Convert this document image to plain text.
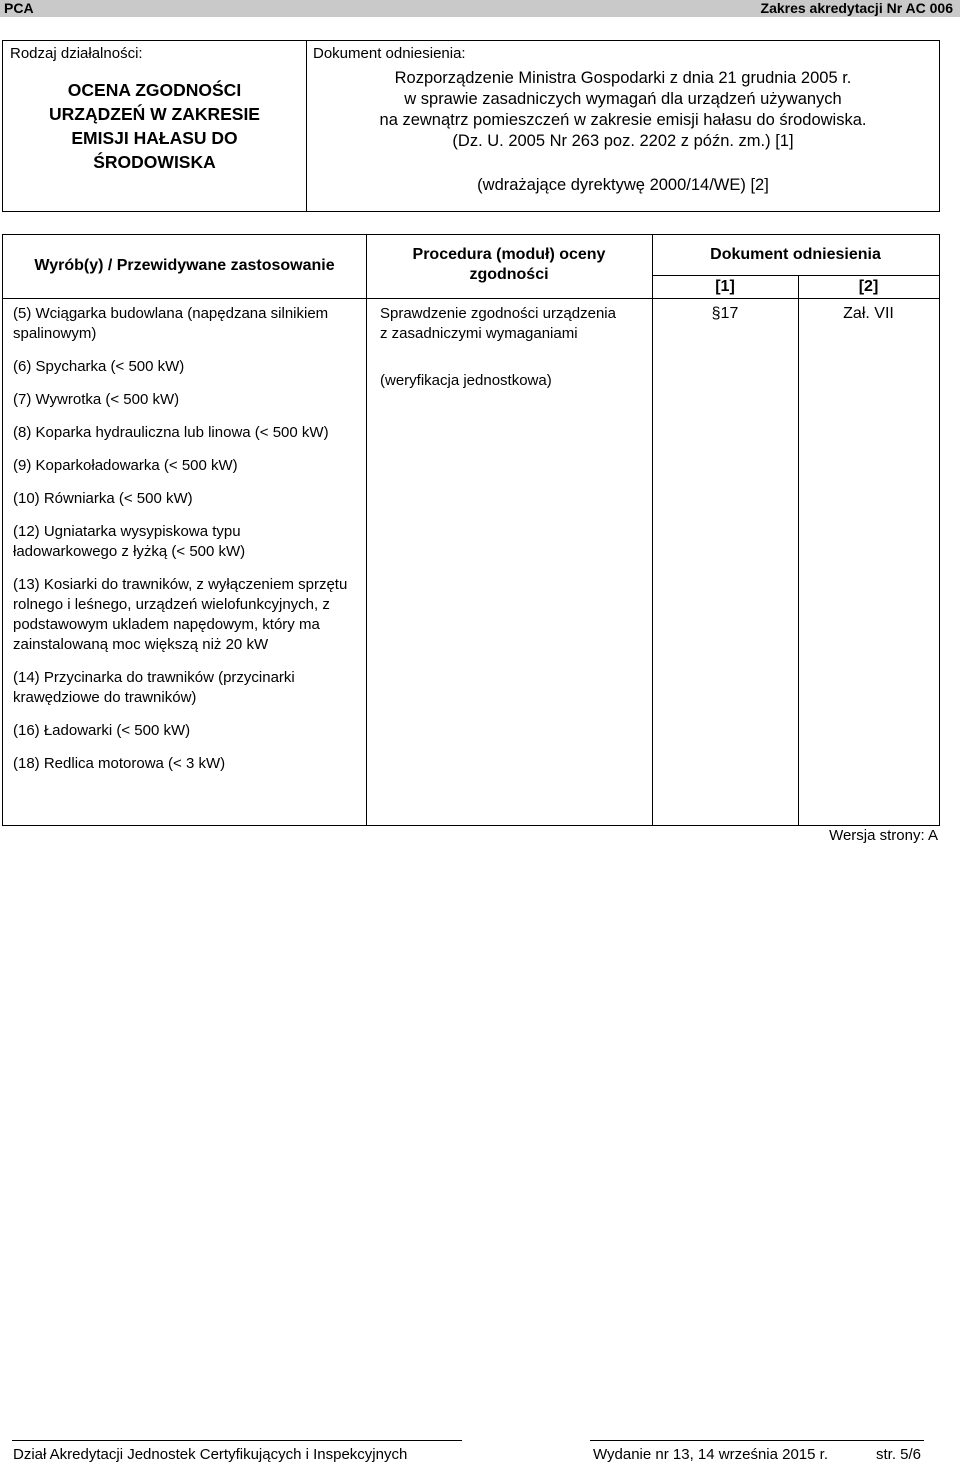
PCA	Zakres akredytacji Nr AC 006
Rodzaj działalności:
OCENA ZGODNOŚCI
URZĄDZEŃ W ZAKRESIE
EMISJI HAŁASU DO
ŚRODOWISKA
Dokument odniesienia:
Rozporządzenie Ministra Gospodarki z dnia 21 grudnia 2005 r.
w sprawie zasadniczych wymagań dla urządzeń używanych
na zewnątrz pomieszczeń w zakresie emisji hałasu do środowiska.
(Dz. U. 2005 Nr 263 poz. 2202 z późn. zm.) [1]
(wdrażające dyrektywę 2000/14/WE) [2]
Wyrób(y) / Przewidywane zastosowanie
Procedura (moduł) oceny zgodności
Dokument odniesienia
[1]	[2]
(5) Wciągarka budowlana (napędzana silnikiem spalinowym)
(6) Spycharka (< 500 kW)
(7) Wywrotka (< 500 kW)
(8) Koparka hydrauliczna lub linowa (< 500 kW)
(9) Koparkoładowarka (< 500 kW)
(10) Równiarka (< 500 kW)
(12) Ugniatarka wysypiskowa typu ładowarkowego z łyżką (< 500 kW)
(13) Kosiarki do trawników, z wyłączeniem sprzętu rolnego i leśnego, urządzeń wielofunkcyjnych, z podstawowym ukladem napędowym, który ma zainstalowaną moc większą niż 20 kW
(14) Przycinarka do trawników (przycinarki krawędziowe do trawników)
(16) Ładowarki (< 500 kW)
(18) Redlica motorowa (< 3 kW)
Sprawdzenie zgodności urządzenia z zasadniczymi wymaganiami
(weryfikacja jednostkowa)
§17	Zał. VII
Wersja strony: A
Dział Akredytacji Jednostek Certyfikujących i Inspekcyjnych	Wydanie nr 13, 14 września 2015 r.	str. 5/6
